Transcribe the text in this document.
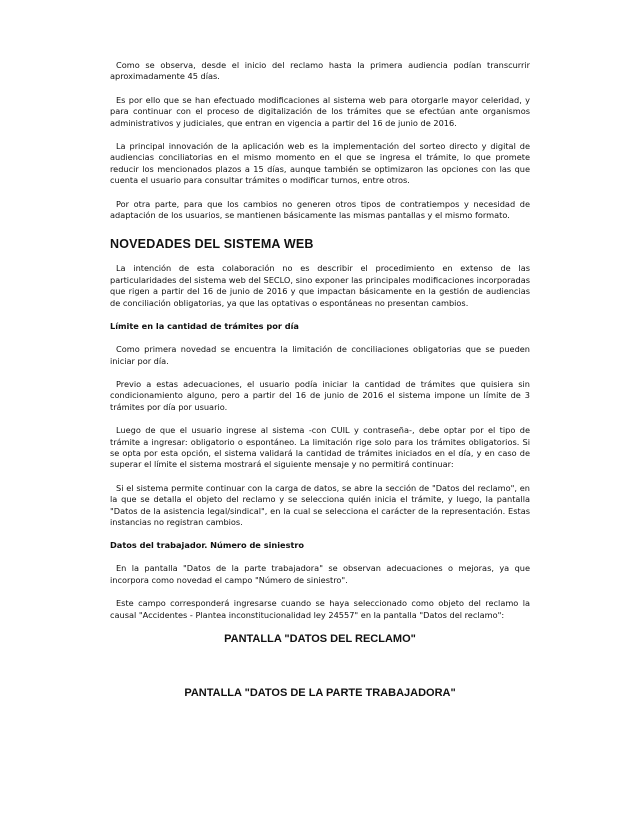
Como se observa, desde el inicio del reclamo hasta la primera audiencia podían transcurrir aproximadamente 45 días.

Es por ello que se han efectuado modificaciones al sistema web para otorgarle mayor celeridad, y para continuar con el proceso de digitalización de los trámites que se efectúan ante organismos administrativos y judiciales, que entran en vigencia a partir del 16 de junio de 2016.

La principal innovación de la aplicación web es la implementación del sorteo directo y digital de audiencias conciliatorias en el mismo momento en el que se ingresa el trámite, lo que promete reducir los mencionados plazos a 15 días, aunque también se optimizaron las opciones con las que cuenta el usuario para consultar trámites o modificar turnos, entre otros.

Por otra parte, para que los cambios no generen otros tipos de contratiempos y necesidad de adaptación de los usuarios, se mantienen básicamente las mismas pantallas y el mismo formato.

NOVEDADES DEL SISTEMA WEB

La intención de esta colaboración no es describir el procedimiento en extenso de las particularidades del sistema web del SECLO, sino exponer las principales modificaciones incorporadas que rigen a partir del 16 de junio de 2016 y que impactan básicamente en la gestión de audiencias de conciliación obligatorias, ya que las optativas o espontáneas no presentan cambios.

Límite en la cantidad de trámites por día

Como primera novedad se encuentra la limitación de conciliaciones obligatorias que se pueden iniciar por día.

Previo a estas adecuaciones, el usuario podía iniciar la cantidad de trámites que quisiera sin condicionamiento alguno, pero a partir del 16 de junio de 2016 el sistema impone un límite de 3 trámites por día por usuario.

Luego de que el usuario ingrese al sistema -con CUIL y contraseña-, debe optar por el tipo de trámite a ingresar: obligatorio o espontáneo. La limitación rige solo para los trámites obligatorios. Si se opta por esta opción, el sistema validará la cantidad de trámites iniciados en el día, y en caso de superar el límite el sistema mostrará el siguiente mensaje y no permitirá continuar:

Si el sistema permite continuar con la carga de datos, se abre la sección de "Datos del reclamo", en la que se detalla el objeto del reclamo y se selecciona quién inicia el trámite, y luego, la pantalla "Datos de la asistencia legal/sindical", en la cual se selecciona el carácter de la representación. Estas instancias no registran cambios.

Datos del trabajador. Número de siniestro

En la pantalla "Datos de la parte trabajadora" se observan adecuaciones o mejoras, ya que incorpora como novedad el campo "Número de siniestro".

Este campo corresponderá ingresarse cuando se haya seleccionado como objeto del reclamo la causal "Accidentes - Plantea inconstitucionalidad ley 24557" en la pantalla "Datos del reclamo":

PANTALLA "DATOS DEL RECLAMO"

PANTALLA "DATOS DE LA PARTE TRABAJADORA"
